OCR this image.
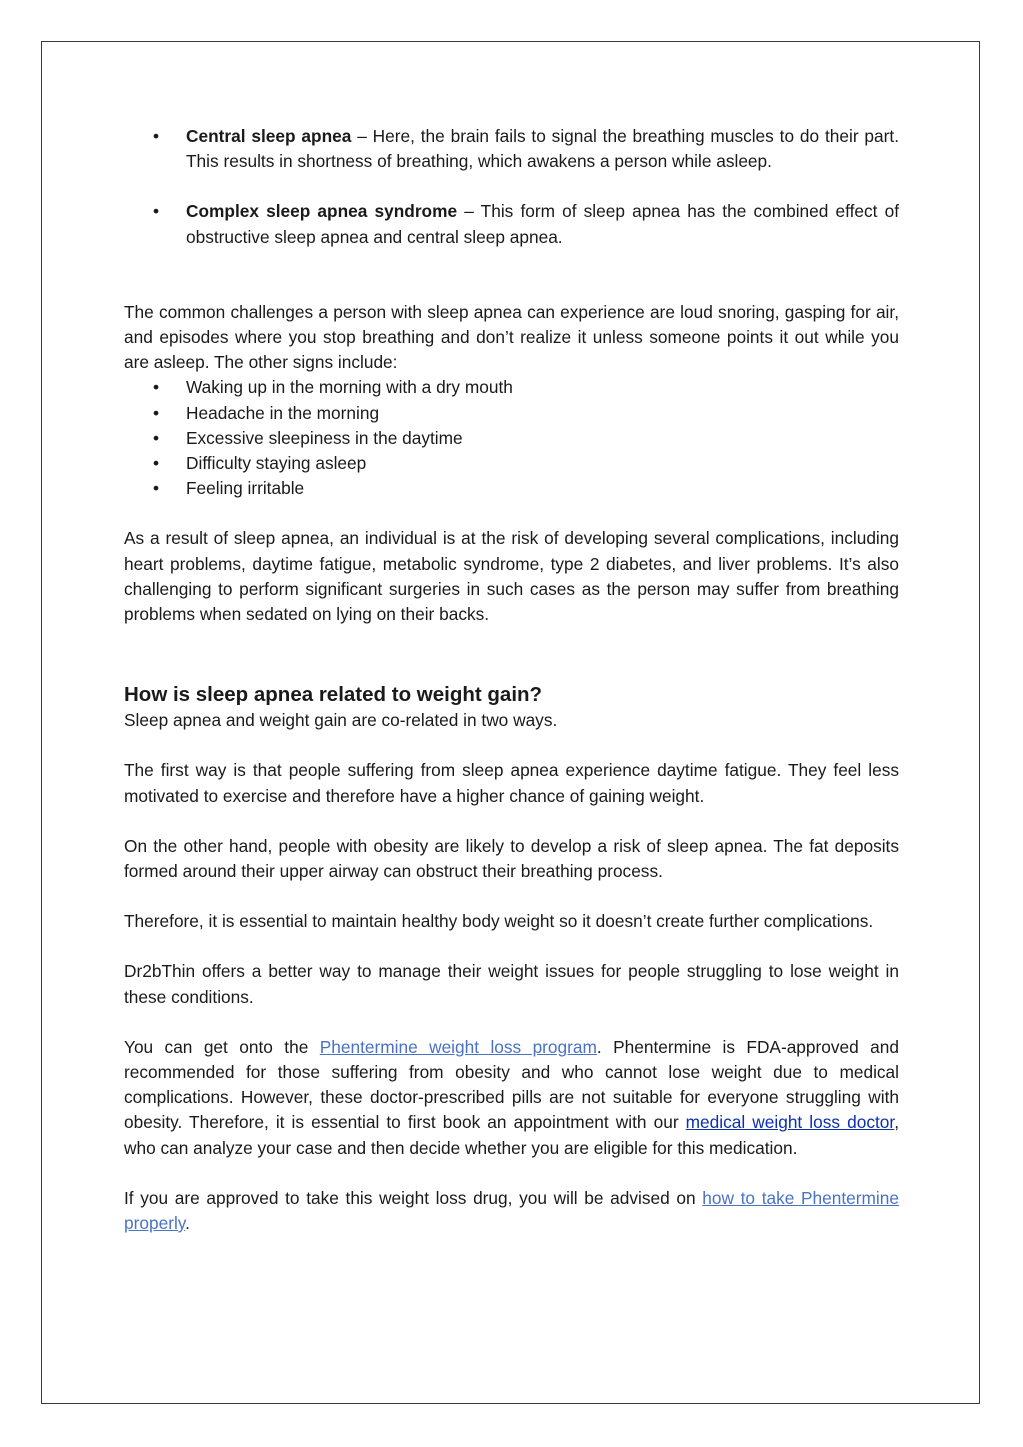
• Central sleep apnea – Here, the brain fails to signal the breathing muscles to do their part. This results in shortness of breathing, which awakens a person while asleep.
• Complex sleep apnea syndrome – This form of sleep apnea has the combined effect of obstructive sleep apnea and central sleep apnea.

The common challenges a person with sleep apnea can experience are loud snoring, gasping for air, and episodes where you stop breathing and don’t realize it unless someone points it out while you are asleep. The other signs include:

• Waking up in the morning with a dry mouth
• Headache in the morning
• Excessive sleepiness in the daytime
• Difficulty staying asleep
• Feeling irritable

As a result of sleep apnea, an individual is at the risk of developing several complications, including heart problems, daytime fatigue, metabolic syndrome, type 2 diabetes, and liver problems. It’s also challenging to perform significant surgeries in such cases as the person may suffer from breathing problems when sedated on lying on their backs.

How is sleep apnea related to weight gain?

Sleep apnea and weight gain are co-related in two ways.

The first way is that people suffering from sleep apnea experience daytime fatigue. They feel less motivated to exercise and therefore have a higher chance of gaining weight.

On the other hand, people with obesity are likely to develop a risk of sleep apnea. The fat deposits formed around their upper airway can obstruct their breathing process.

Therefore, it is essential to maintain healthy body weight so it doesn’t create further complications.

Dr2bThin offers a better way to manage their weight issues for people struggling to lose weight in these conditions.

You can get onto the Phentermine weight loss program. Phentermine is FDA-approved and recommended for those suffering from obesity and who cannot lose weight due to medical complications. However, these doctor-prescribed pills are not suitable for everyone struggling with obesity. Therefore, it is essential to first book an appointment with our medical weight loss doctor, who can analyze your case and then decide whether you are eligible for this medication.

If you are approved to take this weight loss drug, you will be advised on how to take Phentermine properly.
